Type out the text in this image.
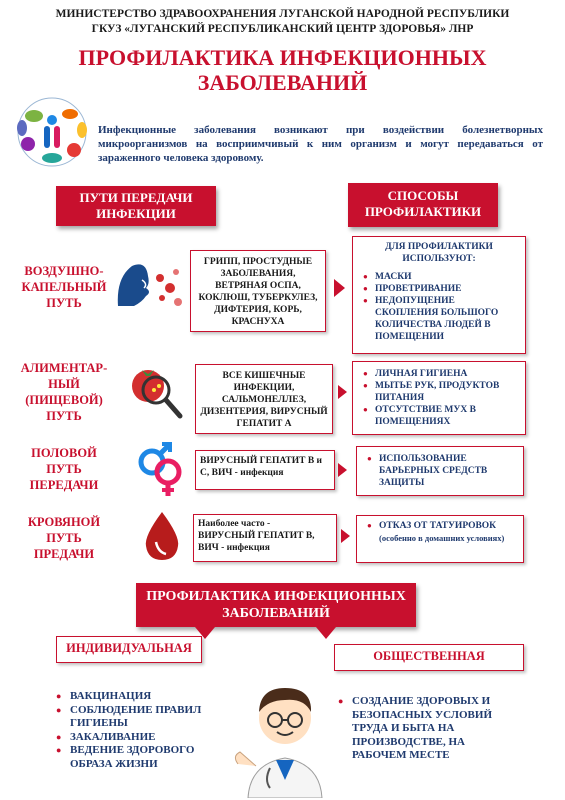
МИНИСТЕРСТВО ЗДРАВООХРАНЕНИЯ ЛУГАНСКОЙ НАРОДНОЙ РЕСПУБЛИКИ
ГКУЗ «ЛУГАНСКИЙ РЕСПУБЛИКАНСКИЙ ЦЕНТР ЗДОРОВЬЯ» ЛНР
ПРОФИЛАКТИКА ИНФЕКЦИОННЫХ
ЗАБОЛЕВАНИЙ
Инфекционные заболевания возникают при воздействии болезнетворных микроорганизмов на восприимчивый к ним организм и могут передаваться от зараженного человека здоровому.
ПУТИ ПЕРЕДАЧИ ИНФЕКЦИИ
СПОСОБЫ ПРОФИЛАКТИКИ
ВОЗДУШНО-КАПЕЛЬНЫЙ ПУТЬ
ГРИПП, ПРОСТУДНЫЕ ЗАБОЛЕВАНИЯ, ВЕТРЯНАЯ ОСПА, КОКЛЮШ, ТУБЕРКУЛЕЗ, ДИФТЕРИЯ, КОРЬ, КРАСНУХА
ДЛЯ ПРОФИЛАКТИКИ ИСПОЛЬЗУЮТ:
● МАСКИ
● ПРОВЕТРИВАНИЕ
● НЕДОПУЩЕНИЕ СКОПЛЕНИЯ БОЛЬШОГО КОЛИЧЕСТВА ЛЮДЕЙ В ПОМЕЩЕНИИ
АЛИМЕНТАР-НЫЙ (ПИЩЕВОЙ) ПУТЬ
ВСЕ КИШЕЧНЫЕ ИНФЕКЦИИ, САЛЬМОНЕЛЛЕЗ, ДИЗЕНТЕРИЯ, ВИРУСНЫЙ ГЕПАТИТ А
● ЛИЧНАЯ ГИГИЕНА
● МЫТЬЕ РУК, ПРОДУКТОВ ПИТАНИЯ
● ОТСУТСТВИЕ МУХ В ПОМЕЩЕНИЯХ
ПОЛОВОЙ ПУТЬ ПЕРЕДАЧИ
ВИРУСНЫЙ ГЕПАТИТ В и С, ВИЧ - инфекция
● ИСПОЛЬЗОВАНИЕ БАРЬЕРНЫХ СРЕДСТВ ЗАЩИТЫ
КРОВЯНОЙ ПУТЬ ПРЕДАЧИ
Наиболее часто -
ВИРУСНЫЙ ГЕПАТИТ В,
ВИЧ - инфекция
● ОТКАЗ ОТ ТАТУИРОВОК
(особенно в домашних условиях)
ПРОФИЛАКТИКА ИНФЕКЦИОННЫХ ЗАБОЛЕВАНИЙ
ИНДИВИДУАЛЬНАЯ
ОБЩЕСТВЕННАЯ
● ВАКЦИНАЦИЯ
● СОБЛЮДЕНИЕ ПРАВИЛ ГИГИЕНЫ
● ЗАКАЛИВАНИЕ
● ВЕДЕНИЕ ЗДОРОВОГО ОБРАЗА ЖИЗНИ
● СОЗДАНИЕ ЗДОРОВЫХ И БЕЗОПАСНЫХ УСЛОВИЙ ТРУДА И БЫТА НА ПРОИЗВОДСТВЕ, НА РАБОЧЕМ МЕСТЕ
